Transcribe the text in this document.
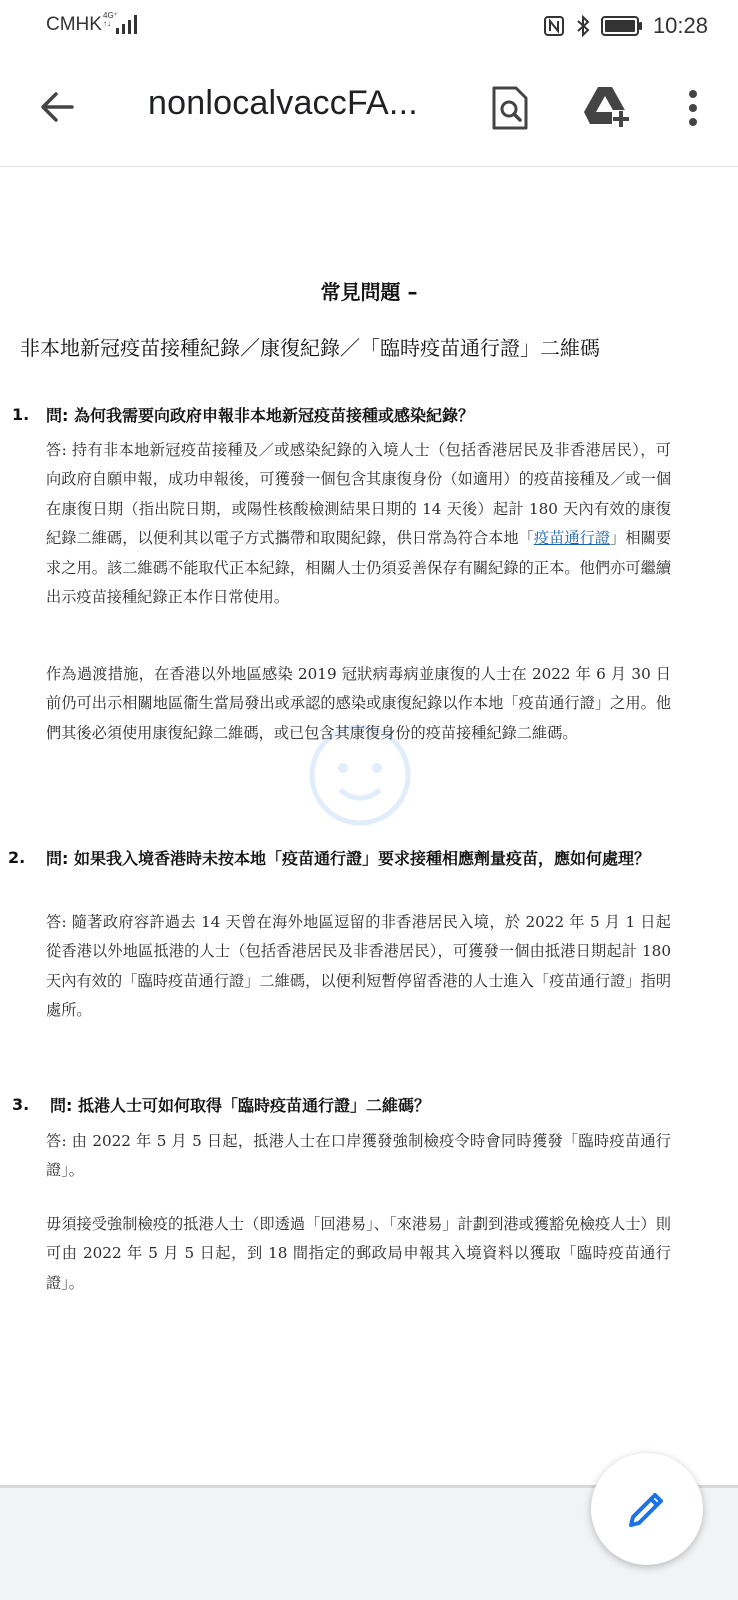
CMHK 4G⁺
↑↓	10:28
nonlocalvaccFA...
常見問題 –
非本地新冠疫苗接種紀錄／康復紀錄／「臨時疫苗通行證」二維碼
1. 問: 為何我需要向政府申報非本地新冠疫苗接種或感染紀錄？
答: 持有非本地新冠疫苗接種及／或感染紀錄的入境人士（包括香港居民及非香港居民），可向政府自願申報，成功申報後，可獲發一個包含其康復身份（如適用）的疫苗接種及／或一個在康復日期（指出院日期，或陽性核酸檢測結果日期的 14 天後）起計 180 天內有效的康復紀錄二維碼，以便利其以電子方式攜帶和取閱紀錄，供日常為符合本地「疫苗通行證」相關要求之用。該二維碼不能取代正本紀錄，相關人士仍須妥善保存有關紀錄的正本。他們亦可繼續出示疫苗接種紀錄正本作日常使用。
作為過渡措施，在香港以外地區感染 2019 冠狀病毒病並康復的人士在 2022 年 6 月 30 日前仍可出示相關地區衞生當局發出或承認的感染或康復紀錄以作本地「疫苗通行證」之用。他們其後必須使用康復紀錄二維碼，或已包含其康復身份的疫苗接種紀錄二維碼。
2. 問: 如果我入境香港時未按本地「疫苗通行證」要求接種相應劑量疫苗，應如何處理？
答: 隨著政府容許過去 14 天曾在海外地區逗留的非香港居民入境，於 2022 年 5 月 1 日起從香港以外地區抵港的人士（包括香港居民及非香港居民），可獲發一個由抵港日期起計 180 天內有效的「臨時疫苗通行證」二維碼，以便利短暫停留香港的人士進入「疫苗通行證」指明處所。
3. 問: 抵港人士可如何取得「臨時疫苗通行證」二維碼？
答: 由 2022 年 5 月 5 日起，抵港人士在口岸獲發強制檢疫令時會同時獲發「臨時疫苗通行證」。
毋須接受強制檢疫的抵港人士（即透過「回港易」、「來港易」計劃到港或獲豁免檢疫人士）則可由 2022 年 5 月 5 日起，到 18 間指定的郵政局申報其入境資料以獲取「臨時疫苗通行證」。
